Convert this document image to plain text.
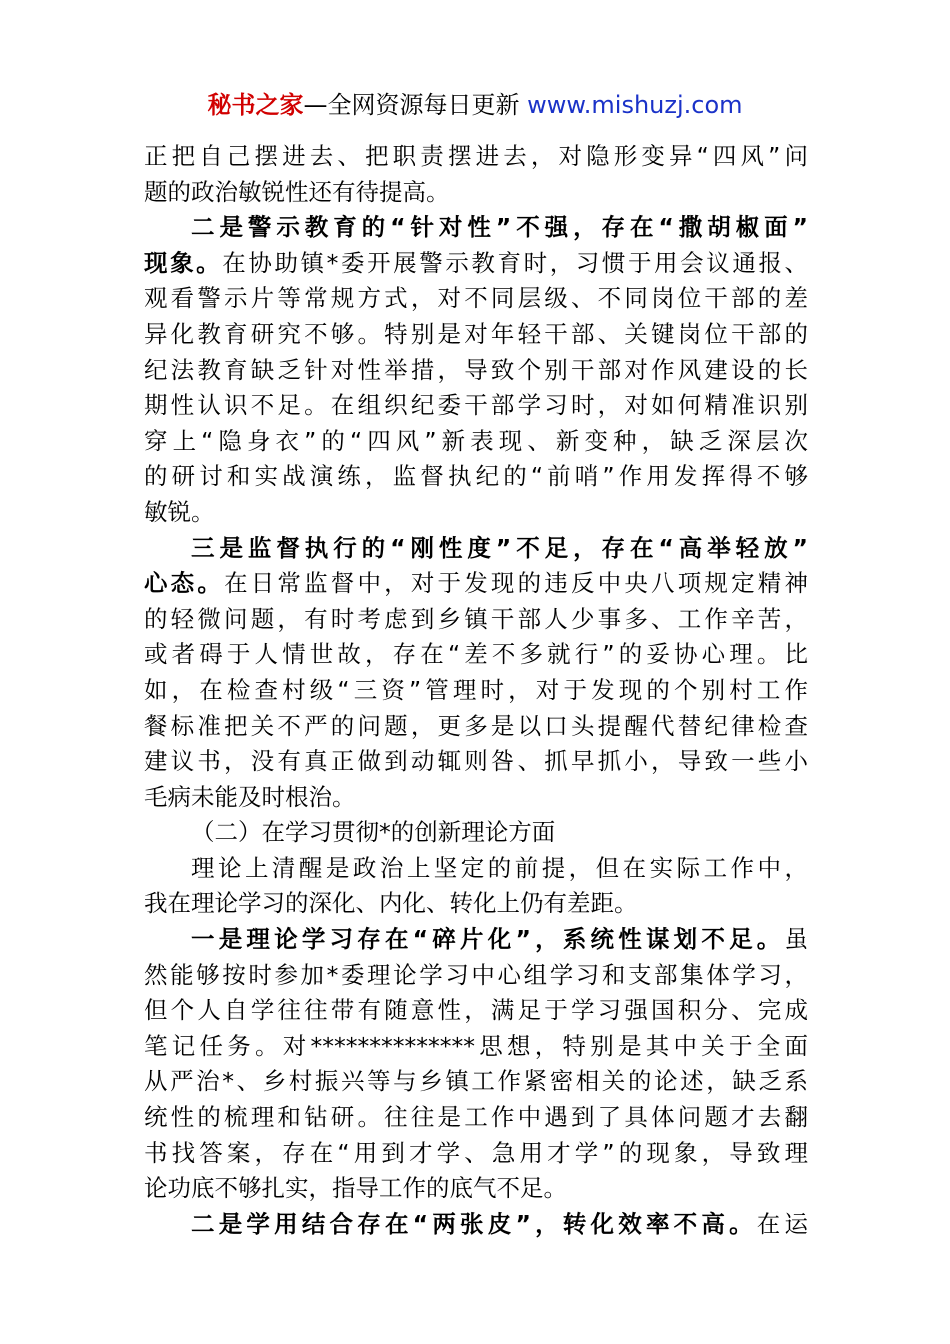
秘书之家—全网资源每日更新 www.mishuzj.com
正把自己摆进去、把职责摆进去，对隐形变异“四风”问
题的政治敏锐性还有待提高。
二是警示教育的“针对性”不强，存在“撒胡椒面”
现象。在协助镇*委开展警示教育时，习惯于用会议通报、
观看警示片等常规方式，对不同层级、不同岗位干部的差
异化教育研究不够。特别是对年轻干部、关键岗位干部的
纪法教育缺乏针对性举措，导致个别干部对作风建设的长
期性认识不足。在组织纪委干部学习时，对如何精准识别
穿上“隐身衣”的“四风”新表现、新变种，缺乏深层次
的研讨和实战演练，监督执纪的“前哨”作用发挥得不够
敏锐。
三是监督执行的“刚性度”不足，存在“高举轻放”
心态。在日常监督中，对于发现的违反中央八项规定精神
的轻微问题，有时考虑到乡镇干部人少事多、工作辛苦，
或者碍于人情世故，存在“差不多就行”的妥协心理。比
如，在检查村级“三资”管理时，对于发现的个别村工作
餐标准把关不严的问题，更多是以口头提醒代替纪律检查
建议书，没有真正做到动辄则咎、抓早抓小，导致一些小
毛病未能及时根治。
（二）在学习贯彻*的创新理论方面
理论上清醒是政治上坚定的前提，但在实际工作中，
我在理论学习的深化、内化、转化上仍有差距。
一是理论学习存在“碎片化”，系统性谋划不足。虽
然能够按时参加*委理论学习中心组学习和支部集体学习，
但个人自学往往带有随意性，满足于学习强国积分、完成
笔记任务。对**************思想，特别是其中关于全面
从严治*、乡村振兴等与乡镇工作紧密相关的论述，缺乏系
统性的梳理和钻研。往往是工作中遇到了具体问题才去翻
书找答案，存在“用到才学、急用才学”的现象，导致理
论功底不够扎实，指导工作的底气不足。
二是学用结合存在“两张皮”，转化效率不高。在运
